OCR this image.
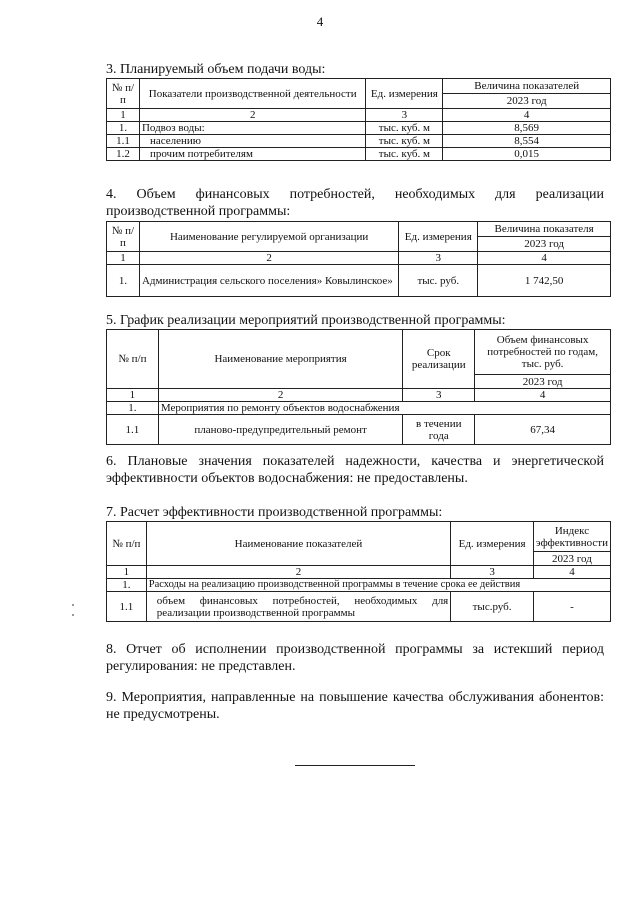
4
3. Планируемый объем подачи воды:
№ п/п	Показатели производственной деятельности	Ед. измерения	Величина показателей
			2023 год
1	2	3	4
1.	Подвоз воды:	тыс. куб. м	8,569
1.1	населению	тыс. куб. м	8,554
1.2	прочим потребителям	тыс. куб. м	0,015
4. Объем финансовых потребностей, необходимых для реализации
производственной программы:
№ п/п	Наименование регулируемой организации	Ед. измерения	Величина показателя
			2023 год
1	2	3	4
1.	Администрация сельского поселения» Ковылинское»	тыс. руб.	1 742,50
5. График реализации мероприятий производственной программы:
№ п/п	Наименование мероприятия	Срок реализации	Объем финансовых потребностей по годам, тыс. руб.
			2023 год
1	2	3	4
1.	Мероприятия по ремонту объектов водоснабжения		
1.1	планово-предупредительный ремонт	в течении года	67,34
6. Плановые значения показателей надежности, качества и энергетической эффективности объектов водоснабжения: не предоставлены.
7. Расчет эффективности производственной программы:
№ п/п	Наименование показателей	Ед. измерения	Индекс эффективности
			2023 год
1	2	3	4
1.	Расходы на реализацию производственной программы в течение срока ее действия		
1.1	объем финансовых потребностей, необходимых для реализации производственной программы	тыс.руб.	-
8. Отчет об исполнении производственной программы за истекший период регулирования: не представлен.
9. Мероприятия, направленные на повышение качества обслуживания абонентов: не предусмотрены.
